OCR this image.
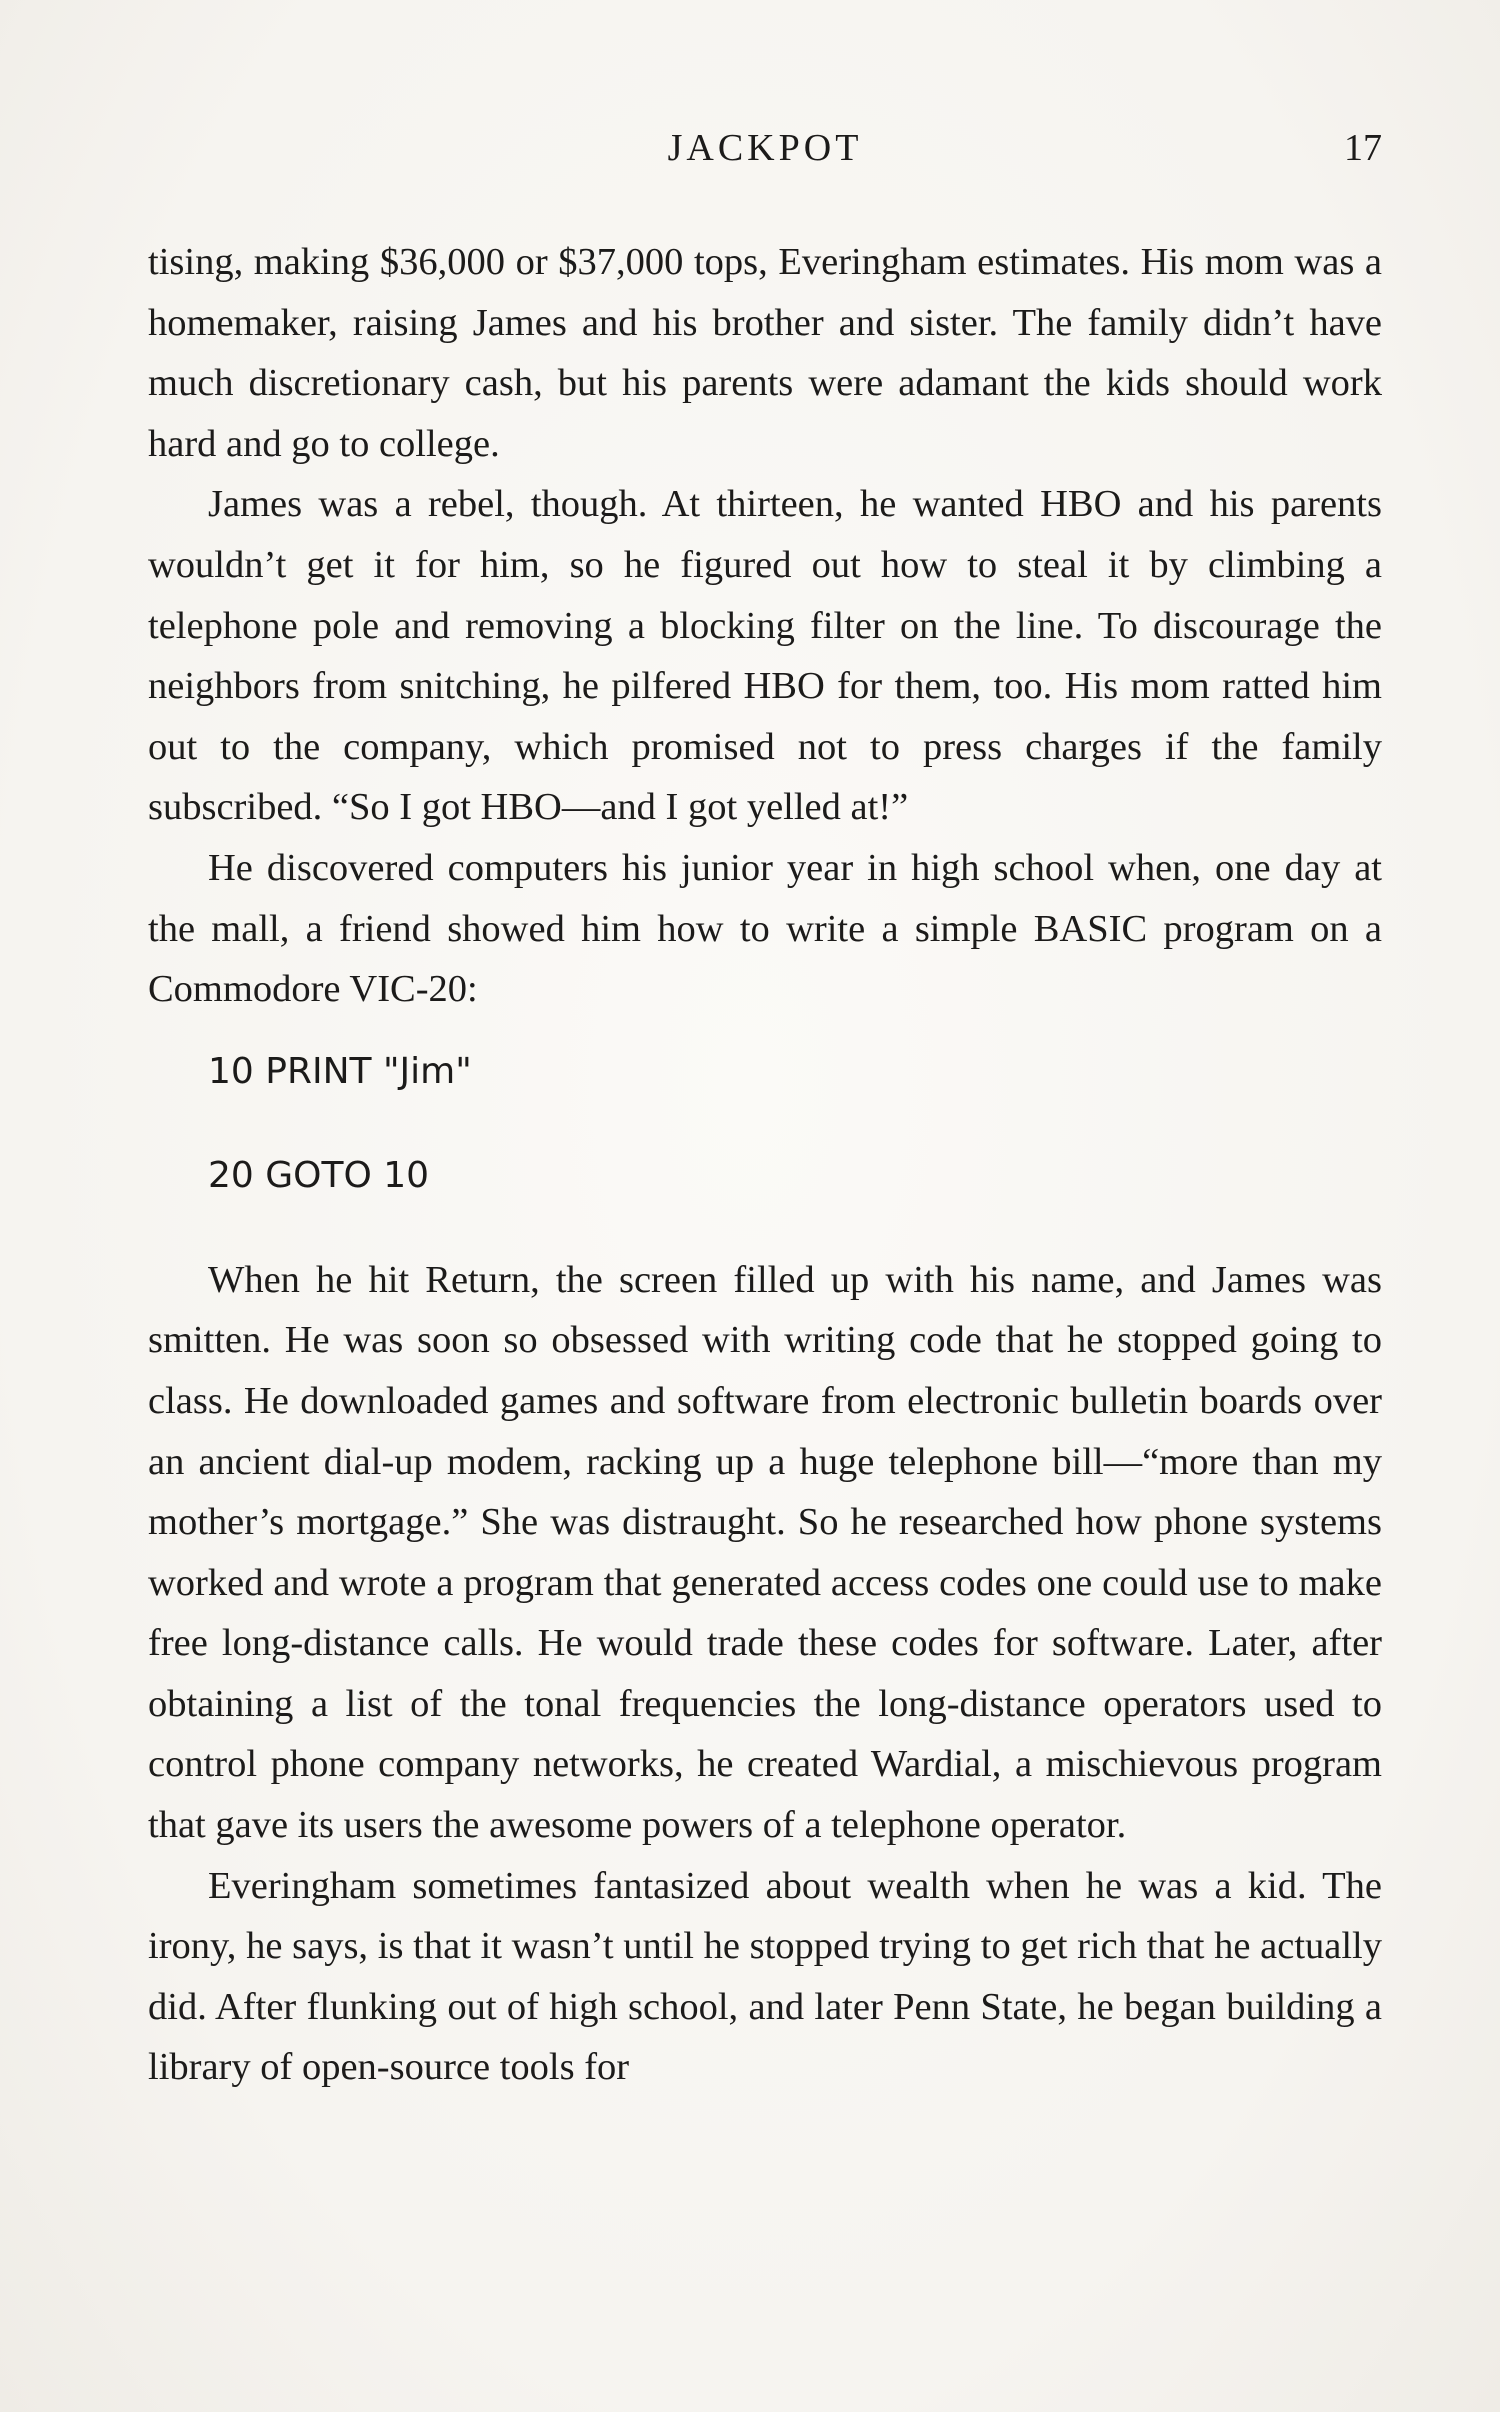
JACKPOT	17

tising, making $36,000 or $37,000 tops, Everingham estimates. His mom was a homemaker, raising James and his brother and sister. The family didn’t have much discretionary cash, but his parents were adamant the kids should work hard and go to college.

James was a rebel, though. At thirteen, he wanted HBO and his parents wouldn’t get it for him, so he figured out how to steal it by climbing a telephone pole and removing a blocking filter on the line. To discourage the neighbors from snitching, he pilfered HBO for them, too. His mom ratted him out to the company, which promised not to press charges if the family subscribed. “So I got HBO—and I got yelled at!”

He discovered computers his junior year in high school when, one day at the mall, a friend showed him how to write a simple BASIC program on a Commodore VIC-20:

10 PRINT "Jim"

20 GOTO 10

When he hit Return, the screen filled up with his name, and James was smitten. He was soon so obsessed with writing code that he stopped going to class. He downloaded games and software from electronic bulletin boards over an ancient dial-up modem, racking up a huge telephone bill—“more than my mother’s mortgage.” She was distraught. So he researched how phone systems worked and wrote a program that generated access codes one could use to make free long-distance calls. He would trade these codes for software. Later, after obtaining a list of the tonal frequencies the long-distance operators used to control phone company networks, he created Wardial, a mischievous program that gave its users the awesome powers of a telephone operator.

Everingham sometimes fantasized about wealth when he was a kid. The irony, he says, is that it wasn’t until he stopped trying to get rich that he actually did. After flunking out of high school, and later Penn State, he began building a library of open-source tools for
